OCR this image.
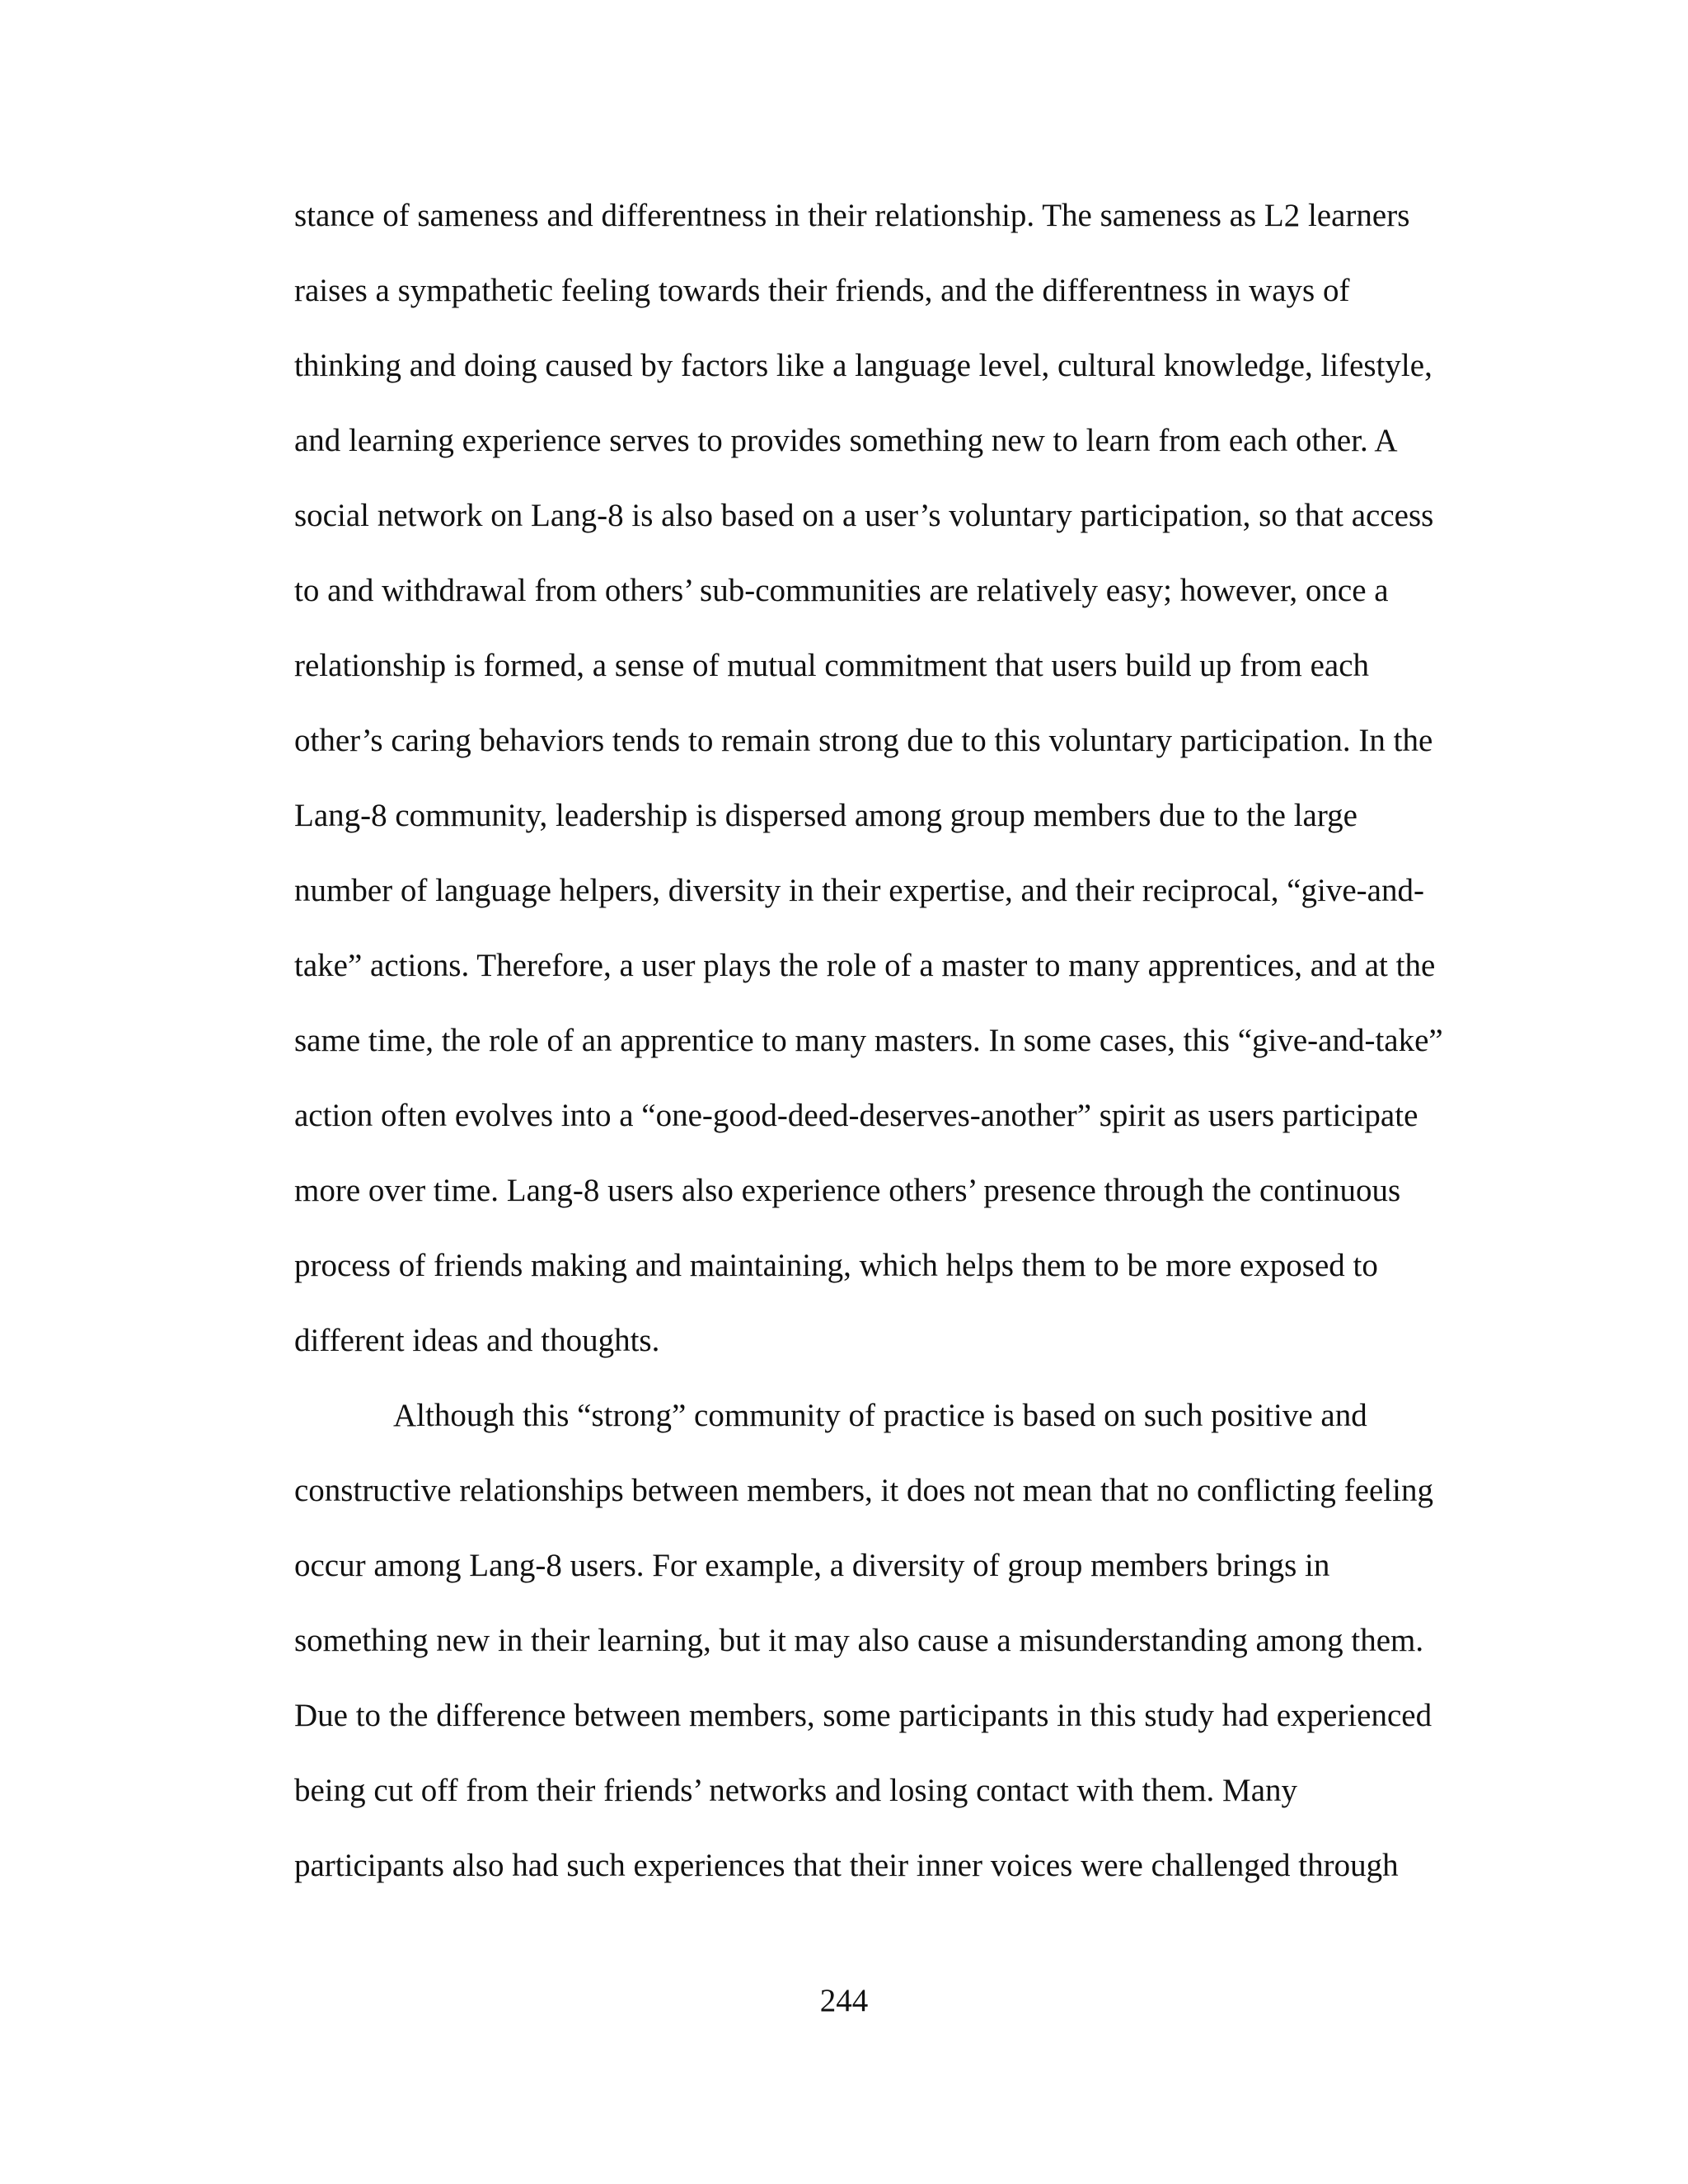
stance of sameness and differentness in their relationship. The sameness as L2 learners

raises a sympathetic feeling towards their friends, and the differentness in ways of

thinking and doing caused by factors like a language level, cultural knowledge, lifestyle,

and learning experience serves to provides something new to learn from each other. A

social network on Lang-8 is also based on a user’s voluntary participation, so that access

to and withdrawal from others’ sub-communities are relatively easy; however, once a

relationship is formed, a sense of mutual commitment that users build up from each

other’s caring behaviors tends to remain strong due to this voluntary participation. In the

Lang-8 community, leadership is dispersed among group members due to the large

number of language helpers, diversity in their expertise, and their reciprocal, “give-and-

take” actions. Therefore, a user plays the role of a master to many apprentices, and at the

same time, the role of an apprentice to many masters. In some cases, this “give-and-take”

action often evolves into a “one-good-deed-deserves-another” spirit as users participate

more over time. Lang-8 users also experience others’ presence through the continuous

process of friends making and maintaining, which helps them to be more exposed to

different ideas and thoughts.

Although this “strong” community of practice is based on such positive and

constructive relationships between members, it does not mean that no conflicting feeling

occur among Lang-8 users. For example, a diversity of group members brings in

something new in their learning, but it may also cause a misunderstanding among them.

Due to the difference between members, some participants in this study had experienced

being cut off from their friends’ networks and losing contact with them. Many

participants also had such experiences that their inner voices were challenged through

244
